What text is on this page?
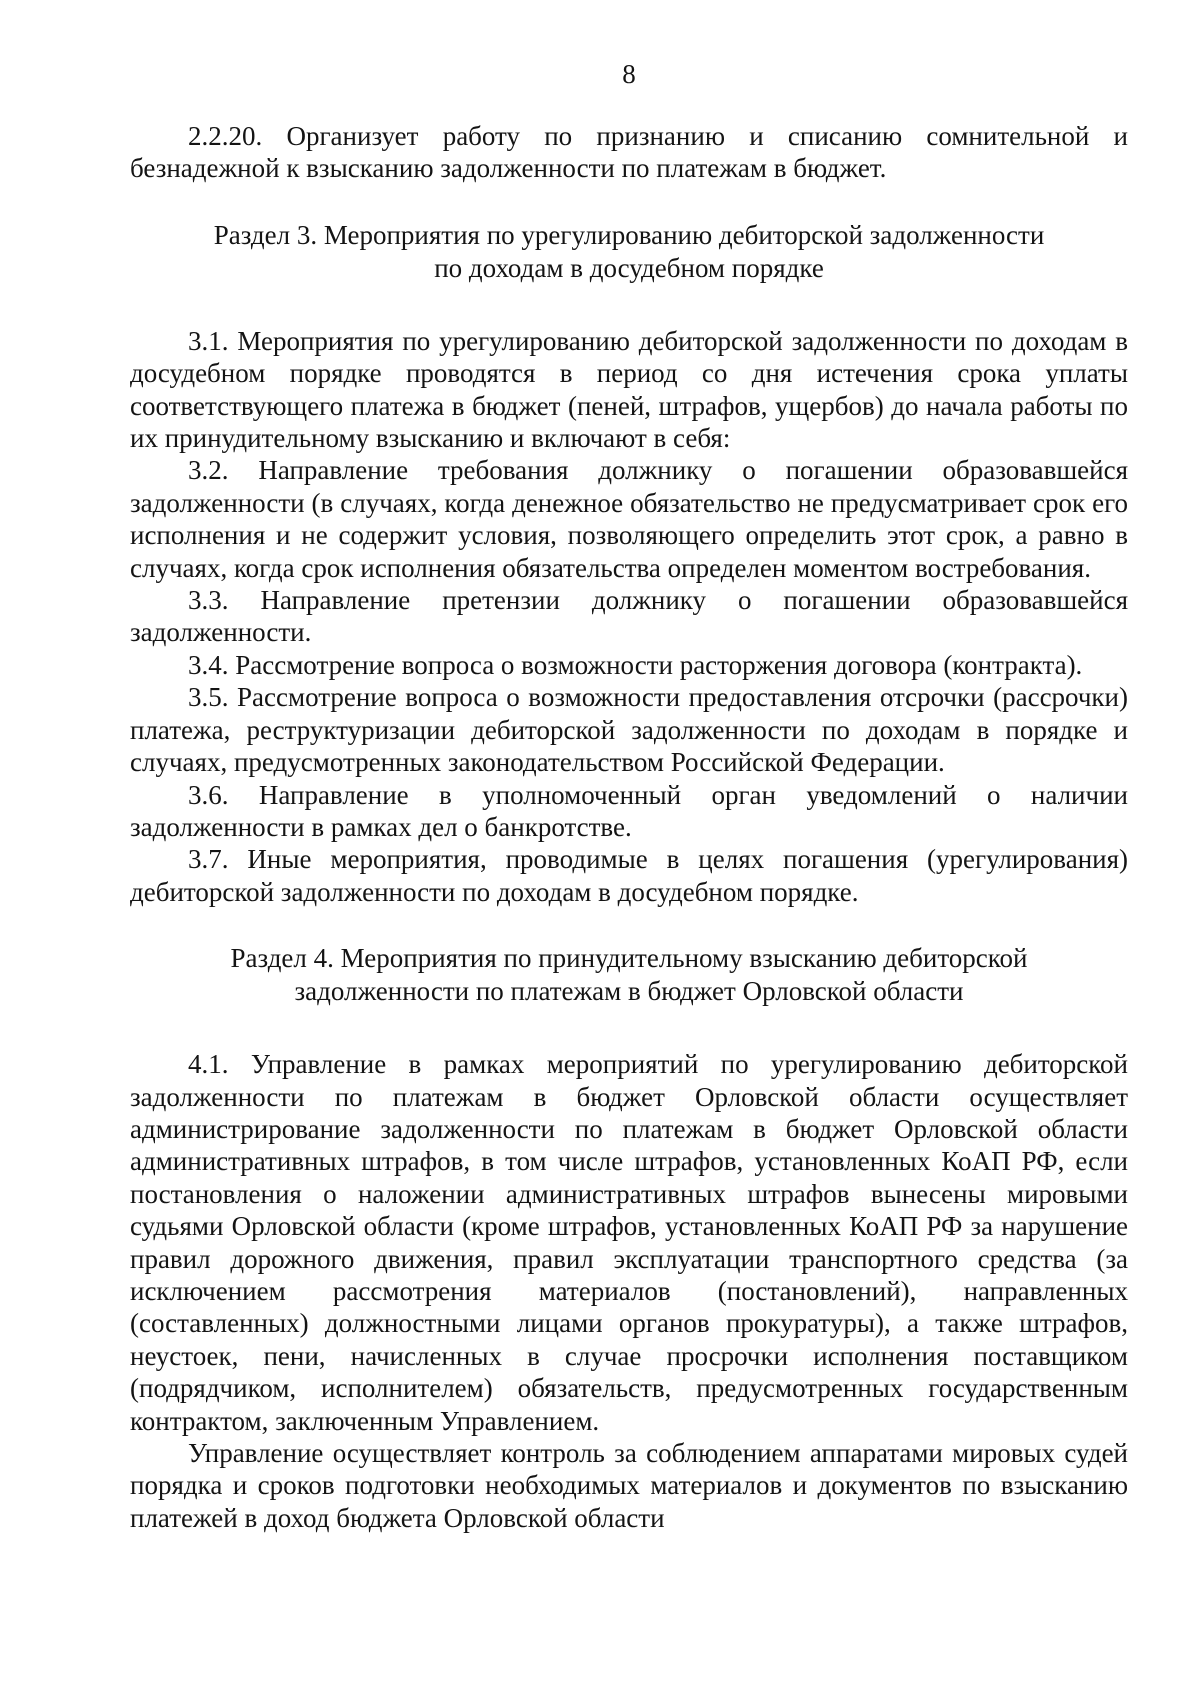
8

2.2.20. Организует работу по признанию и списанию сомнительной и безнадежной к взысканию задолженности по платежам в бюджет.

Раздел 3. Мероприятия по урегулированию дебиторской задолженности
по доходам в досудебном порядке

3.1. Мероприятия по урегулированию дебиторской задолженности по доходам в досудебном порядке проводятся в период со дня истечения срока уплаты соответствующего платежа в бюджет (пеней, штрафов, ущербов) до начала работы по их принудительному взысканию и включают в себя:

3.2. Направление требования должнику о погашении образовавшейся задолженности (в случаях, когда денежное обязательство не предусматривает срок его исполнения и не содержит условия, позволяющего определить этот срок, а равно в случаях, когда срок исполнения обязательства определен моментом востребования.

3.3. Направление претензии должнику о погашении образовавшейся задолженности.

3.4. Рассмотрение вопроса о возможности расторжения договора (контракта).

3.5. Рассмотрение вопроса о возможности предоставления отсрочки (рассрочки) платежа, реструктуризации дебиторской задолженности по доходам в порядке и случаях, предусмотренных законодательством Российской Федерации.

3.6. Направление в уполномоченный орган уведомлений о наличии задолженности в рамках дел о банкротстве.

3.7. Иные мероприятия, проводимые в целях погашения (урегулирования) дебиторской задолженности по доходам в досудебном порядке.

Раздел 4. Мероприятия по принудительному взысканию дебиторской
задолженности по платежам в бюджет Орловской области

4.1. Управление в рамках мероприятий по урегулированию дебиторской задолженности по платежам в бюджет Орловской области осуществляет администрирование задолженности по платежам в бюджет Орловской области административных штрафов, в том числе штрафов, установленных КоАП РФ, если постановления о наложении административных штрафов вынесены мировыми судьями Орловской области (кроме штрафов, установленных КоАП РФ за нарушение правил дорожного движения, правил эксплуатации транспортного средства (за исключением рассмотрения материалов (постановлений), направленных (составленных) должностными лицами органов прокуратуры), а также штрафов, неустоек, пени, начисленных в случае просрочки исполнения поставщиком (подрядчиком, исполнителем) обязательств, предусмотренных государственным контрактом, заключенным Управлением.

Управление осуществляет контроль за соблюдением аппаратами мировых судей порядка и сроков подготовки необходимых материалов и документов по взысканию платежей в доход бюджета Орловской области
